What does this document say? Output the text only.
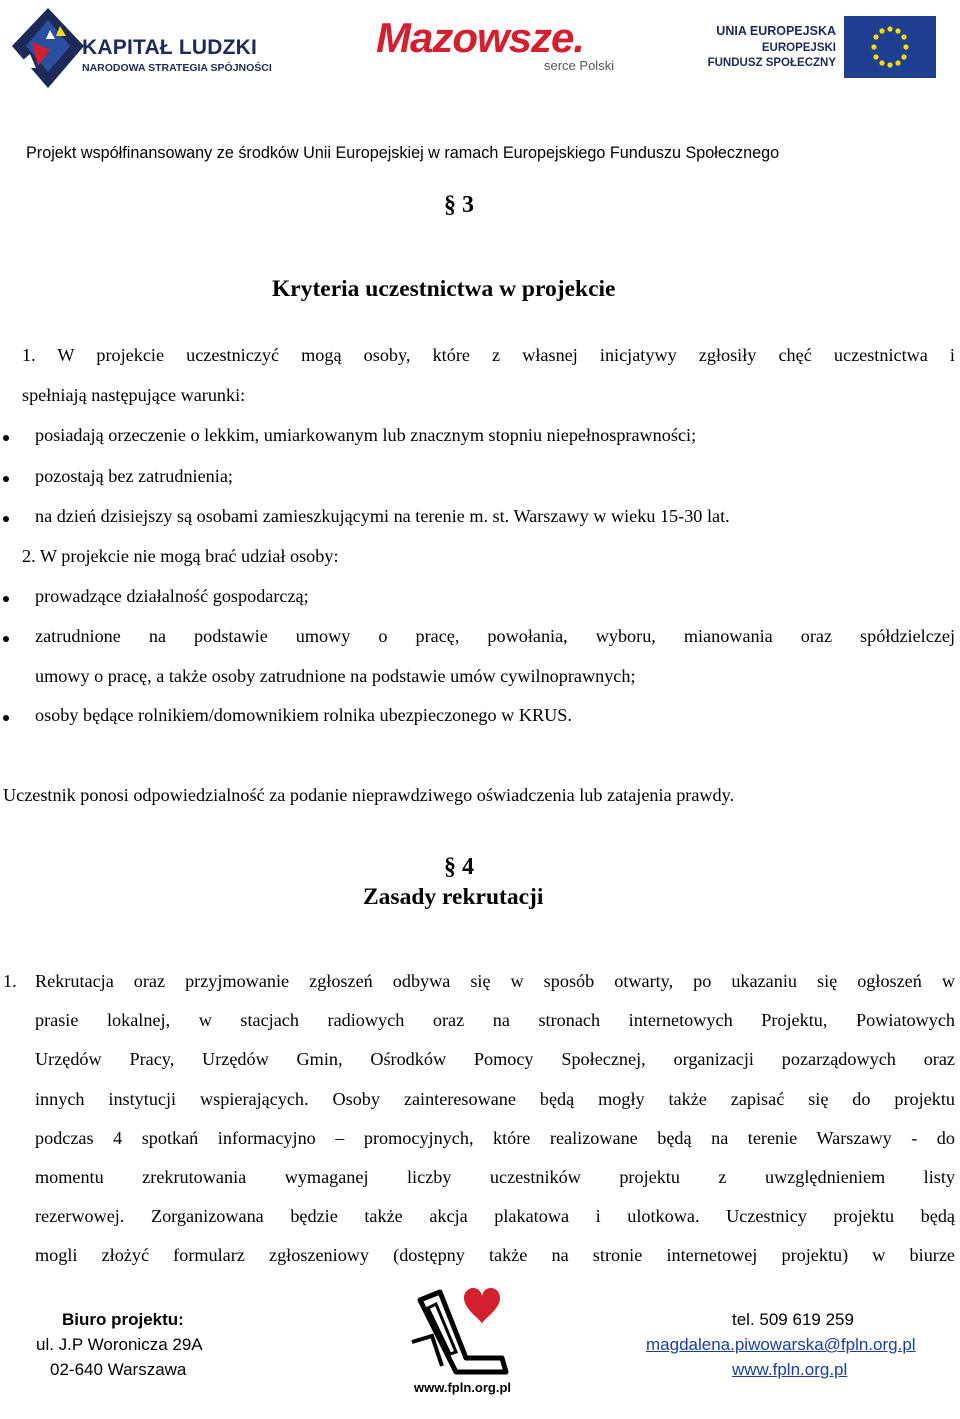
KAPITAŁ LUDZKI
NARODOWA STRATEGIA SPÓJNOŚCI
Mazowsze.
serce Polski
UNIA EUROPEJSKA
EUROPEJSKI
FUNDUSZ SPOŁECZNY
Projekt współfinansowany ze środków Unii Europejskiej w ramach Europejskiego Funduszu Społecznego
§ 3
Kryteria uczestnictwa w projekcie
1. W projekcie uczestniczyć mogą osoby, które z własnej inicjatywy zgłosiły chęć uczestnictwa i
spełniają następujące warunki:
posiadają orzeczenie o lekkim, umiarkowanym lub znacznym stopniu niepełnosprawności;
pozostają bez zatrudnienia;
na dzień dzisiejszy są osobami zamieszkującymi na terenie m. st. Warszawy w wieku 15-30 lat.
2. W projekcie nie mogą brać udział osoby:
prowadzące działalność gospodarczą;
zatrudnione na podstawie umowy o pracę, powołania, wyboru, mianowania oraz spółdzielczej
umowy o pracę, a także osoby zatrudnione na podstawie umów cywilnoprawnych;
osoby będące rolnikiem/domownikiem rolnika ubezpieczonego w KRUS.
Uczestnik ponosi odpowiedzialność za podanie nieprawdziwego oświadczenia lub zatajenia prawdy.
§ 4
Zasady rekrutacji
1. Rekrutacja oraz przyjmowanie zgłoszeń odbywa się w sposób otwarty, po ukazaniu się ogłoszeń w
prasie lokalnej, w stacjach radiowych oraz na stronach internetowych Projektu, Powiatowych
Urzędów Pracy, Urzędów Gmin, Ośrodków Pomocy Społecznej, organizacji pozarządowych oraz
innych instytucji wspierających. Osoby zainteresowane będą mogły także zapisać się do projektu
podczas 4 spotkań informacyjno – promocyjnych, które realizowane będą na terenie Warszawy - do
momentu zrekrutowania wymaganej liczby uczestników projektu z uwzględnieniem listy
rezerwowej. Zorganizowana będzie także akcja plakatowa i ulotkowa. Uczestnicy projektu będą
mogli złożyć formularz zgłoszeniowy (dostępny także na stronie internetowej projektu) w biurze
Biuro projektu:
ul. J.P Woronicza 29A
02-640 Warszawa
www.fpln.org.pl
tel. 509 619 259
magdalena.piwowarska@fpln.org.pl
www.fpln.org.pl
